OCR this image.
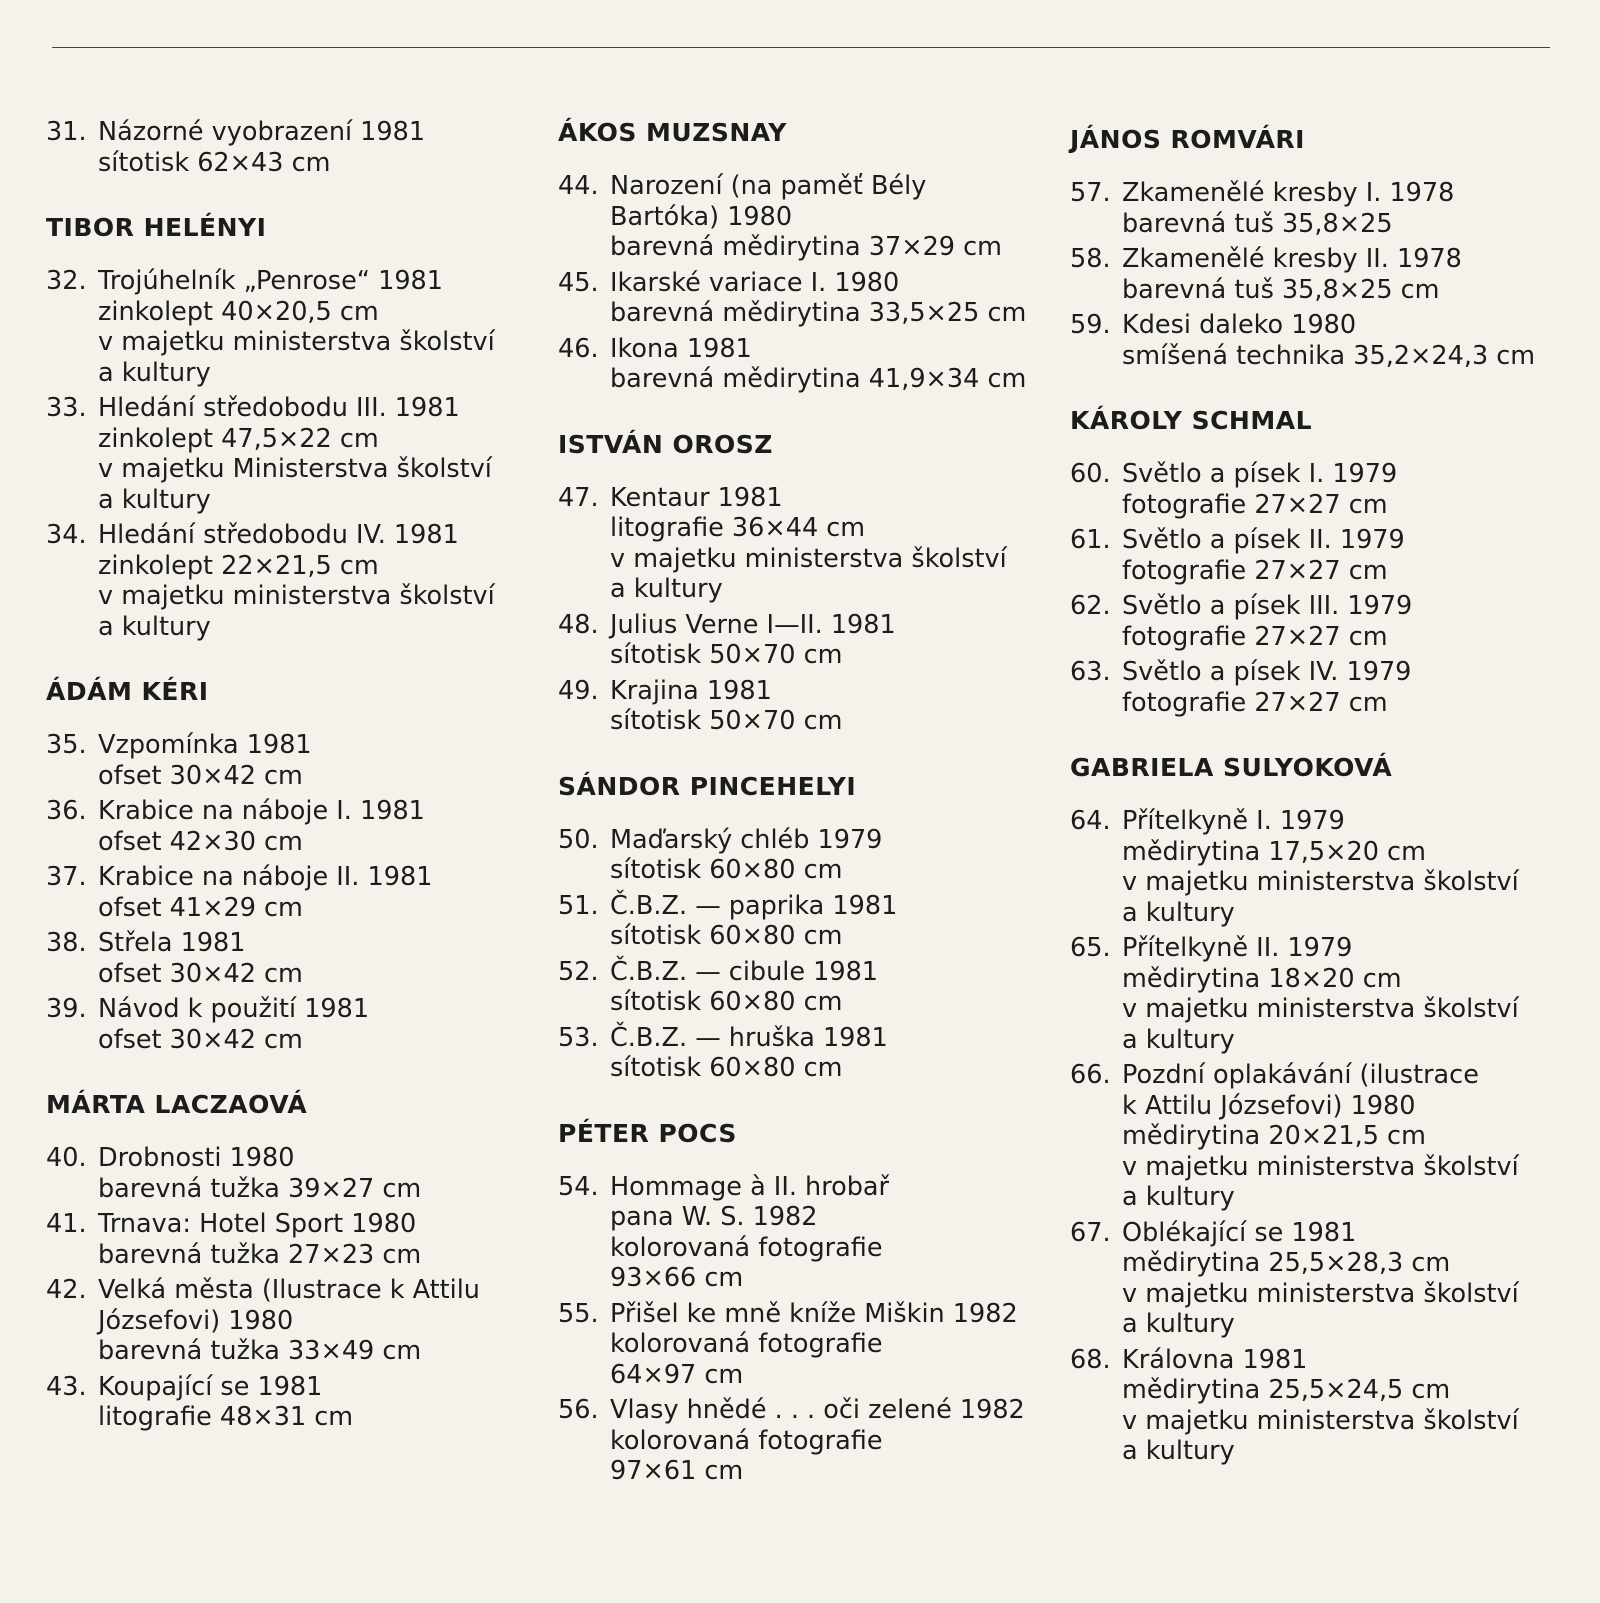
31. Názorné vyobrazení 1981
sítotisk 62×43 cm
TIBOR HELÉNYI
32. Trojúhelník „Penrose“ 1981
zinkolept 40×20,5 cm
v majetku ministerstva školství
a kultury
33. Hledání středobodu III. 1981
zinkolept 47,5×22 cm
v majetku Ministerstva školství
a kultury
34. Hledání středobodu IV. 1981
zinkolept 22×21,5 cm
v majetku ministerstva školství
a kultury
ÁDÁM KÉRI
35. Vzpomínka 1981
ofset 30×42 cm
36. Krabice na náboje I. 1981
ofset 42×30 cm
37. Krabice na náboje II. 1981
ofset 41×29 cm
38. Střela 1981
ofset 30×42 cm
39. Návod k použití 1981
ofset 30×42 cm
MÁRTA LACZAOVÁ
40. Drobnosti 1980
barevná tužka 39×27 cm
41. Trnava: Hotel Sport 1980
barevná tužka 27×23 cm
42. Velká města (Ilustrace k Attilu
Józsefovi) 1980
barevná tužka 33×49 cm
43. Koupající se 1981
litografie 48×31 cm
ÁKOS MUZSNAY
44. Narození (na paměť Bély
Bartóka) 1980
barevná mědirytina 37×29 cm
45. Ikarské variace I. 1980
barevná mědirytina 33,5×25 cm
46. Ikona 1981
barevná mědirytina 41,9×34 cm
ISTVÁN OROSZ
47. Kentaur 1981
litografie 36×44 cm
v majetku ministerstva školství
a kultury
48. Julius Verne I—II. 1981
sítotisk 50×70 cm
49. Krajina 1981
sítotisk 50×70 cm
SÁNDOR PINCEHELYI
50. Maďarský chléb 1979
sítotisk 60×80 cm
51. Č.B.Z. — paprika 1981
sítotisk 60×80 cm
52. Č.B.Z. — cibule 1981
sítotisk 60×80 cm
53. Č.B.Z. — hruška 1981
sítotisk 60×80 cm
PÉTER POCS
54. Hommage à II. hrobař
pana W. S. 1982
kolorovaná fotografie
93×66 cm
55. Přišel ke mně kníže Miškin 1982
kolorovaná fotografie
64×97 cm
56. Vlasy hnědé . . . oči zelené 1982
kolorovaná fotografie
97×61 cm
JÁNOS ROMVÁRI
57. Zkamenělé kresby I. 1978
barevná tuš 35,8×25
58. Zkamenělé kresby II. 1978
barevná tuš 35,8×25 cm
59. Kdesi daleko 1980
smíšená technika 35,2×24,3 cm
KÁROLY SCHMAL
60. Světlo a písek I. 1979
fotografie 27×27 cm
61. Světlo a písek II. 1979
fotografie 27×27 cm
62. Světlo a písek III. 1979
fotografie 27×27 cm
63. Světlo a písek IV. 1979
fotografie 27×27 cm
GABRIELA SULYOKOVÁ
64. Přítelkyně I. 1979
mědirytina 17,5×20 cm
v majetku ministerstva školství
a kultury
65. Přítelkyně II. 1979
mědirytina 18×20 cm
v majetku ministerstva školství
a kultury
66. Pozdní oplakávání (ilustrace
k Attilu Józsefovi) 1980
mědirytina 20×21,5 cm
v majetku ministerstva školství
a kultury
67. Oblékající se 1981
mědirytina 25,5×28,3 cm
v majetku ministerstva školství
a kultury
68. Královna 1981
mědirytina 25,5×24,5 cm
v majetku ministerstva školství
a kultury
